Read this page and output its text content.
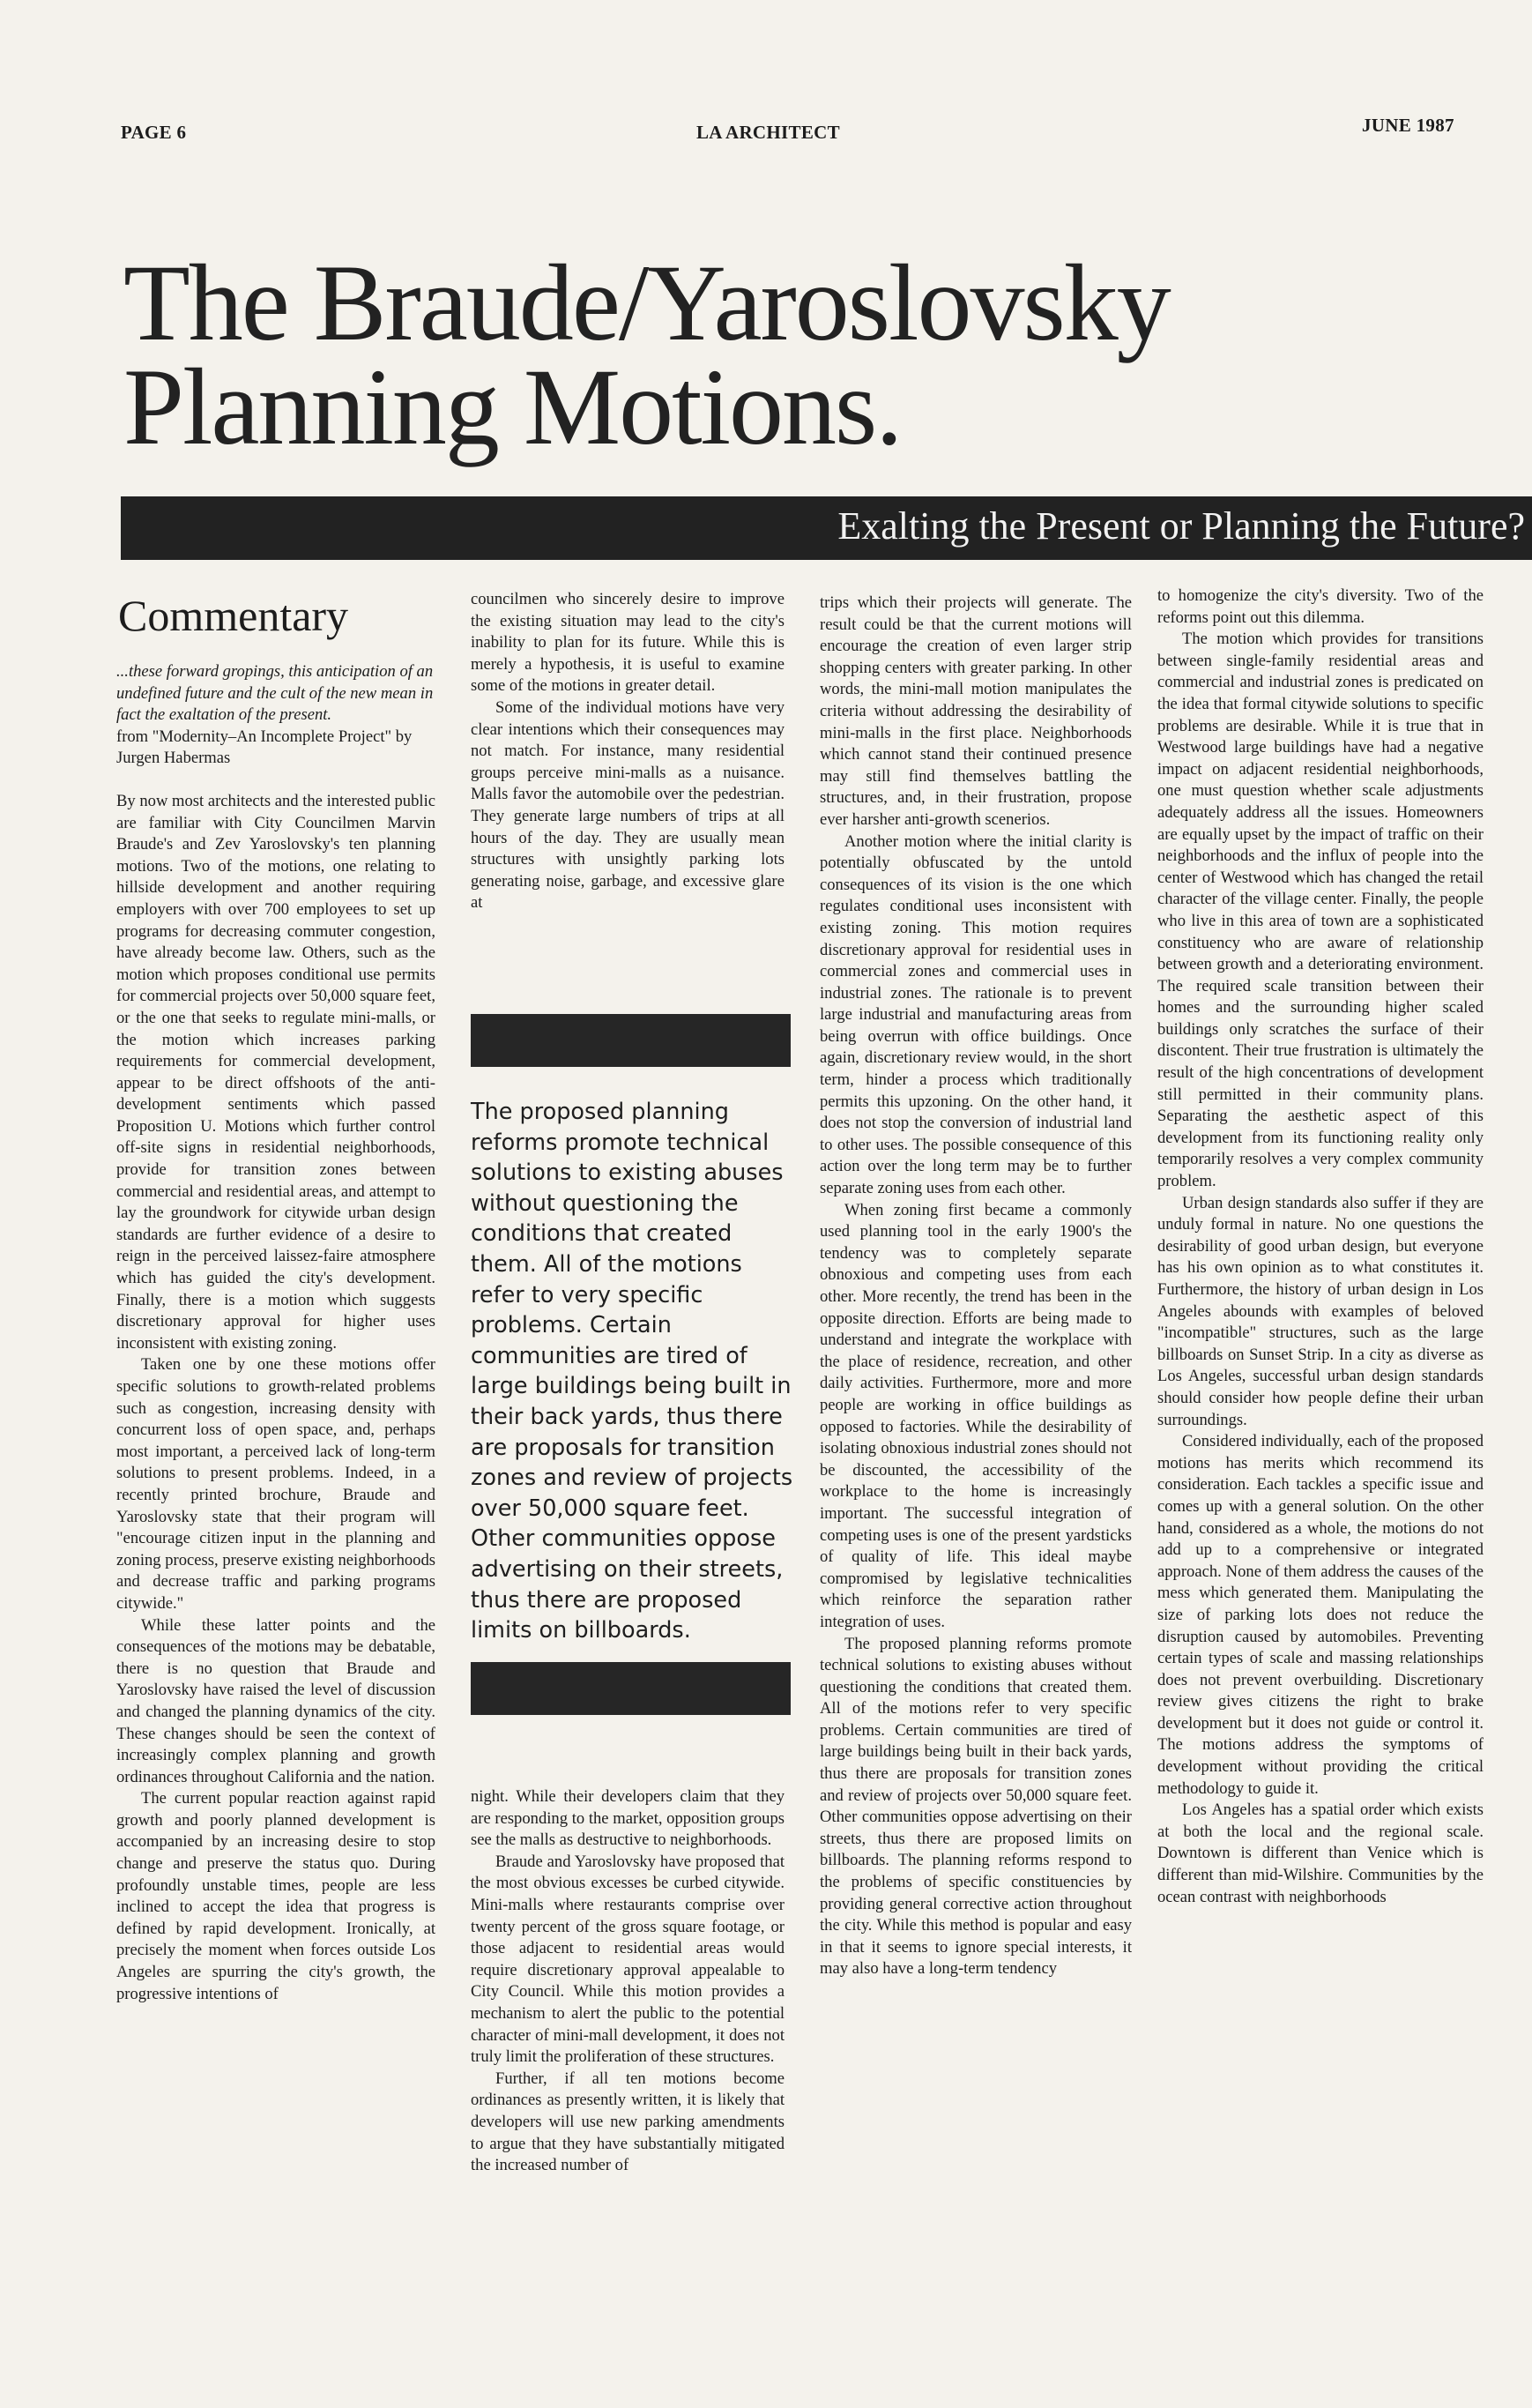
PAGE 6	LA ARCHITECT	JUNE 1987
The Braude/Yaroslovsky
Planning Motions.
Exalting the Present or Planning the Future?
Commentary
...these forward gropings, this anticipation of an undefined future and the cult of the new mean in fact the exaltation of the present.
from "Modernity–An Incomplete Project" by Jurgen Habermas

By now most architects and the interested public are familiar with City Councilmen Marvin Braude's and Zev Yaroslovsky's ten planning motions. Two of the motions, one relating to hillside development and another requiring employers with over 700 employees to set up programs for decreasing commuter congestion, have already become law. Others, such as the motion which proposes conditional use permits for commercial projects over 50,000 square feet, or the one that seeks to regulate mini-malls, or the motion which increases parking requirements for commercial development, appear to be direct offshoots of the anti-development sentiments which passed Proposition U. Motions which further control off-site signs in residential neighborhoods, provide for transition zones between commercial and residential areas, and attempt to lay the groundwork for citywide urban design standards are further evidence of a desire to reign in the perceived laissez-faire atmosphere which has guided the city's development. Finally, there is a motion which suggests discretionary approval for higher uses inconsistent with existing zoning.

Taken one by one these motions offer specific solutions to growth-related problems such as congestion, increasing density with concurrent loss of open space, and, perhaps most important, a perceived lack of long-term solutions to present problems. Indeed, in a recently printed brochure, Braude and Yaroslovsky state that their program will "encourage citizen input in the planning and zoning process, preserve existing neighborhoods and decrease traffic and parking programs citywide."

While these latter points and the consequences of the motions may be debatable, there is no question that Braude and Yaroslovsky have raised the level of discussion and changed the planning dynamics of the city. These changes should be seen the context of increasingly complex planning and growth ordinances throughout California and the nation.

The current popular reaction against rapid growth and poorly planned development is accompanied by an increasing desire to stop change and preserve the status quo. During profoundly unstable times, people are less inclined to accept the idea that progress is defined by rapid development. Ironically, at precisely the moment when forces outside Los Angeles are spurring the city's growth, the progressive intentions of

councilmen who sincerely desire to improve the existing situation may lead to the city's inability to plan for its future. While this is merely a hypothesis, it is useful to examine some of the motions in greater detail.

Some of the individual motions have very clear intentions which their consequences may not match. For instance, many residential groups perceive mini-malls as a nuisance. Malls favor the automobile over the pedestrian. They generate large numbers of trips at all hours of the day. They are usually mean structures with unsightly parking lots generating noise, garbage, and excessive glare at

The proposed planning reforms promote technical solutions to existing abuses without questioning the conditions that created them. All of the motions refer to very specific problems. Certain communities are tired of large buildings being built in their back yards, thus there are proposals for transition zones and review of projects over 50,000 square feet. Other communities oppose advertising on their streets, thus there are proposed limits on billboards.

night. While their developers claim that they are responding to the market, opposition groups see the malls as destructive to neighborhoods.

Braude and Yaroslovsky have proposed that the most obvious excesses be curbed citywide. Mini-malls where restaurants comprise over twenty percent of the gross square footage, or those adjacent to residential areas would require discretionary approval appealable to City Council. While this motion provides a mechanism to alert the public to the potential character of mini-mall development, it does not truly limit the proliferation of these structures.

Further, if all ten motions become ordinances as presently written, it is likely that developers will use new parking amendments to argue that they have substantially mitigated the increased number of

trips which their projects will generate. The result could be that the current motions will encourage the creation of even larger strip shopping centers with greater parking. In other words, the mini-mall motion manipulates the criteria without addressing the desirability of mini-malls in the first place. Neighborhoods which cannot stand their continued presence may still find themselves battling the structures, and, in their frustration, propose ever harsher anti-growth scenerios.

Another motion where the initial clarity is potentially obfuscated by the untold consequences of its vision is the one which regulates conditional uses inconsistent with existing zoning. This motion requires discretionary approval for residential uses in commercial zones and commercial uses in industrial zones. The rationale is to prevent large industrial and manufacturing areas from being overrun with office buildings. Once again, discretionary review would, in the short term, hinder a process which traditionally permits this upzoning. On the other hand, it does not stop the conversion of industrial land to other uses. The possible consequence of this action over the long term may be to further separate zoning uses from each other.

When zoning first became a commonly used planning tool in the early 1900's the tendency was to completely separate obnoxious and competing uses from each other. More recently, the trend has been in the opposite direction. Efforts are being made to understand and integrate the workplace with the place of residence, recreation, and other daily activities. Furthermore, more and more people are working in office buildings as opposed to factories. While the desirability of isolating obnoxious industrial zones should not be discounted, the accessibility of the workplace to the home is increasingly important. The successful integration of competing uses is one of the present yardsticks of quality of life. This ideal maybe compromised by legislative technicalities which reinforce the separation rather integration of uses.

The proposed planning reforms promote technical solutions to existing abuses without questioning the conditions that created them. All of the motions refer to very specific problems. Certain communities are tired of large buildings being built in their back yards, thus there are proposals for transition zones and review of projects over 50,000 square feet. Other communities oppose advertising on their streets, thus there are proposed limits on billboards. The planning reforms respond to the problems of specific constituencies by providing general corrective action throughout the city. While this method is popular and easy in that it seems to ignore special interests, it may also have a long-term tendency

to homogenize the city's diversity. Two of the reforms point out this dilemma.

The motion which provides for transitions between single-family residential areas and commercial and industrial zones is predicated on the idea that formal citywide solutions to specific problems are desirable. While it is true that in Westwood large buildings have had a negative impact on adjacent residential neighborhoods, one must question whether scale adjustments adequately address all the issues. Homeowners are equally upset by the impact of traffic on their neighborhoods and the influx of people into the center of Westwood which has changed the retail character of the village center. Finally, the people who live in this area of town are a sophisticated constituency who are aware of relationship between growth and a deteriorating environment. The required scale transition between their homes and the surrounding higher scaled buildings only scratches the surface of their discontent. Their true frustration is ultimately the result of the high concentrations of development still permitted in their community plans. Separating the aesthetic aspect of this development from its functioning reality only temporarily resolves a very complex community problem.

Urban design standards also suffer if they are unduly formal in nature. No one questions the desirability of good urban design, but everyone has his own opinion as to what constitutes it. Furthermore, the history of urban design in Los Angeles abounds with examples of beloved "incompatible" structures, such as the large billboards on Sunset Strip. In a city as diverse as Los Angeles, successful urban design standards should consider how people define their urban surroundings.

Considered individually, each of the proposed motions has merits which recommend its consideration. Each tackles a specific issue and comes up with a general solution. On the other hand, considered as a whole, the motions do not add up to a comprehensive or integrated approach. None of them address the causes of the mess which generated them. Manipulating the size of parking lots does not reduce the disruption caused by automobiles. Preventing certain types of scale and massing relationships does not prevent overbuilding. Discretionary review gives citizens the right to brake development but it does not guide or control it. The motions address the symptoms of development without providing the critical methodology to guide it.

Los Angeles has a spatial order which exists at both the local and the regional scale. Downtown is different than Venice which is different than mid-Wilshire. Communities by the ocean contrast with neighborhoods
